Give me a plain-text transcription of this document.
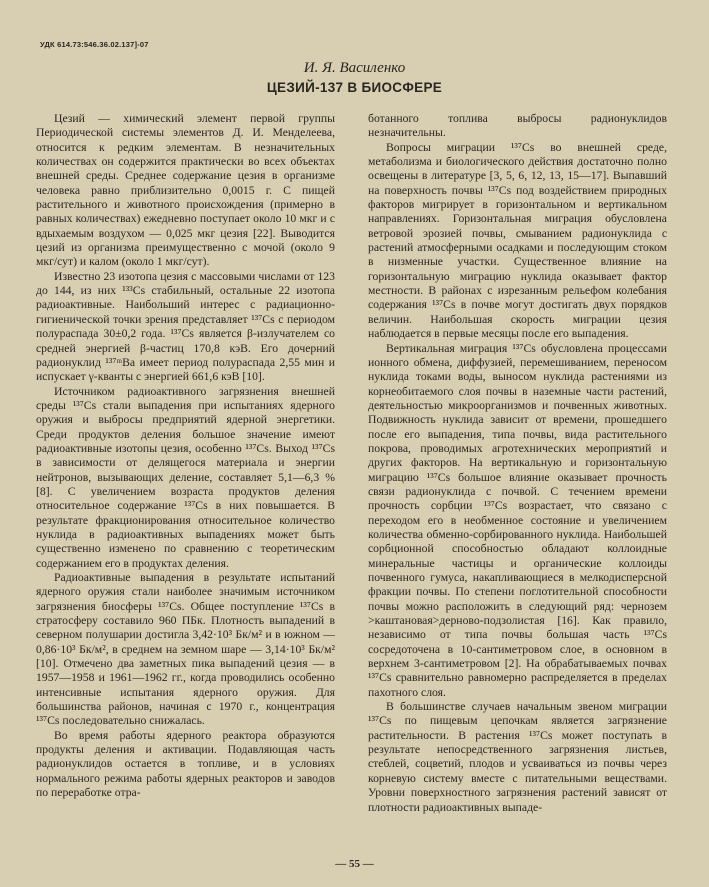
УДК 614.73:546.36.02.137]-07
И. Я. Василенко
ЦЕЗИЙ-137 В БИОСФЕРЕ

Цезий — химический элемент первой группы Периодической системы элементов Д. И. Менделеева, относится к редким элементам. В незначительных количествах он содержится практически во всех объектах внешней среды. Среднее содержание цезия в организме человека равно приблизительно 0,0015 г. С пищей растительного и животного происхождения (примерно в равных количествах) ежедневно поступает около 10 мкг и с вдыхаемым воздухом — 0,025 мкг цезия [22]. Выводится цезий из организма преимущественно с мочой (около 9 мкг/сут) и калом (около 1 мкг/сут).

Известно 23 изотопа цезия с массовыми числами от 123 до 144, из них ¹³³Cs стабильный, остальные 22 изотопа радиоактивные. Наибольший интерес с радиационно-гигиенической точки зрения представляет ¹³⁷Cs с периодом полураспада 30±0,2 года. ¹³⁷Cs является β-излучателем со средней энергией β-частиц 170,8 кэВ. Его дочерний радионуклид ¹³⁷ᵐBa имеет период полураспада 2,55 мин и испускает γ-кванты с энергией 661,6 кэВ [10].

Источником радиоактивного загрязнения внешней среды ¹³⁷Cs стали выпадения при испытаниях ядерного оружия и выбросы предприятий ядерной энергетики. Среди продуктов деления большое значение имеют радиоактивные изотопы цезия, особенно ¹³⁷Cs. Выход ¹³⁷Cs в зависимости от делящегося материала и энергии нейтронов, вызывающих деление, составляет 5,1—6,3 % [8]. С увеличением возраста продуктов деления относительное содержание ¹³⁷Cs в них повышается. В результате фракционирования относительное количество нуклида в радиоактивных выпадениях может быть существенно изменено по сравнению с теоретическим содержанием его в продуктах деления.

Радиоактивные выпадения в результате испытаний ядерного оружия стали наиболее значимым источником загрязнения биосферы ¹³⁷Cs. Общее поступление ¹³⁷Cs в стратосферу составило 960 ПБк. Плотность выпадений в северном полушарии достигла 3,42·10³ Бк/м² и в южном — 0,86·10³ Бк/м², в среднем на земном шаре — 3,14·10³ Бк/м² [10]. Отмечено два заметных пика выпадений цезия — в 1957—1958 и 1961—1962 гг., когда проводились особенно интенсивные испытания ядерного оружия. Для большинства районов, начиная с 1970 г., концентрация ¹³⁷Cs последовательно снижалась.

Во время работы ядерного реактора образуются продукты деления и активации. Подавляющая часть радионуклидов остается в топливе, и в условиях нормального режима работы ядерных реакторов и заводов по переработке отра-

ботанного топлива выбросы радионуклидов незначительны.

Вопросы миграции ¹³⁷Cs во внешней среде, метаболизма и биологического действия достаточно полно освещены в литературе [3, 5, 6, 12, 13, 15—17]. Выпавший на поверхность почвы ¹³⁷Cs под воздействием природных факторов мигрирует в горизонтальном и вертикальном направлениях. Горизонтальная миграция обусловлена ветровой эрозией почвы, смыванием радионуклида с растений атмосферными осадками и последующим стоком в низменные участки. Существенное влияние на горизонтальную миграцию нуклида оказывает фактор местности. В районах с изрезанным рельефом колебания содержания ¹³⁷Cs в почве могут достигать двух порядков величин. Наибольшая скорость миграции цезия наблюдается в первые месяцы после его выпадения.

Вертикальная миграция ¹³⁷Cs обусловлена процессами ионного обмена, диффузией, перемешиванием, переносом нуклида токами воды, выносом нуклида растениями из корнеобитаемого слоя почвы в наземные части растений, деятельностью микроорганизмов и почвенных животных. Подвижность нуклида зависит от времени, прошедшего после его выпадения, типа почвы, вида растительного покрова, проводимых агротехнических мероприятий и других факторов. На вертикальную и горизонтальную миграцию ¹³⁷Cs большое влияние оказывает прочность связи радионуклида с почвой. С течением времени прочность сорбции ¹³⁷Cs возрастает, что связано с переходом его в необменное состояние и увеличением количества обменно-сорбированного нуклида. Наибольшей сорбционной способностью обладают коллоидные минеральные частицы и органические коллоиды почвенного гумуса, накапливающиеся в мелкодисперсной фракции почвы. По степени поглотительной способности почвы можно расположить в следующий ряд: чернозем >каштановая>дерново-подзолистая [16]. Как правило, независимо от типа почвы большая часть ¹³⁷Cs сосредоточена в 10-сантиметровом слое, в основном в верхнем 3-сантиметровом [2]. На обрабатываемых почвах ¹³⁷Cs сравнительно равномерно распределяется в пределах пахотного слоя.

В большинстве случаев начальным звеном миграции ¹³⁷Cs по пищевым цепочкам является загрязнение растительности. В растения ¹³⁷Cs может поступать в результате непосредственного загрязнения листьев, стеблей, соцветий, плодов и усваиваться из почвы через корневую систему вместе с питательными веществами. Уровни поверхностного загрязнения растений зависят от плотности радиоактивных выпаде-

— 55 —
